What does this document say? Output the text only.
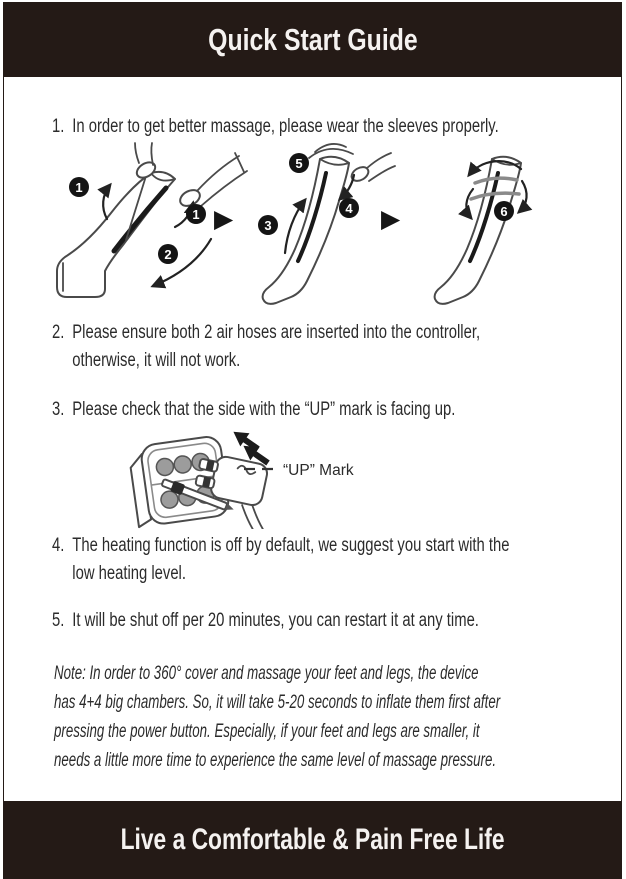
Quick Start Guide
1. In order to get better massage, please wear the sleeves properly.
▶	▶
1
1
2
5
3
4	6
2. Please ensure both 2 air hoses are inserted into the controller,
otherwise, it will not work.
3. Please check that the side with the “UP” mark is facing up.
“UP” Mark
4. The heating function is off by default, we suggest you start with the
low heating level.
5. It will be shut off per 20 minutes, you can restart it at any time.
Note: In order to 360° cover and massage your feet and legs, the device
has 4+4 big chambers. So, it will take 5-20 seconds to inflate them first after
pressing the power button. Especially, if your feet and legs are smaller, it
needs a little more time to experience the same level of massage pressure.
Live a Comfortable & Pain Free Life
